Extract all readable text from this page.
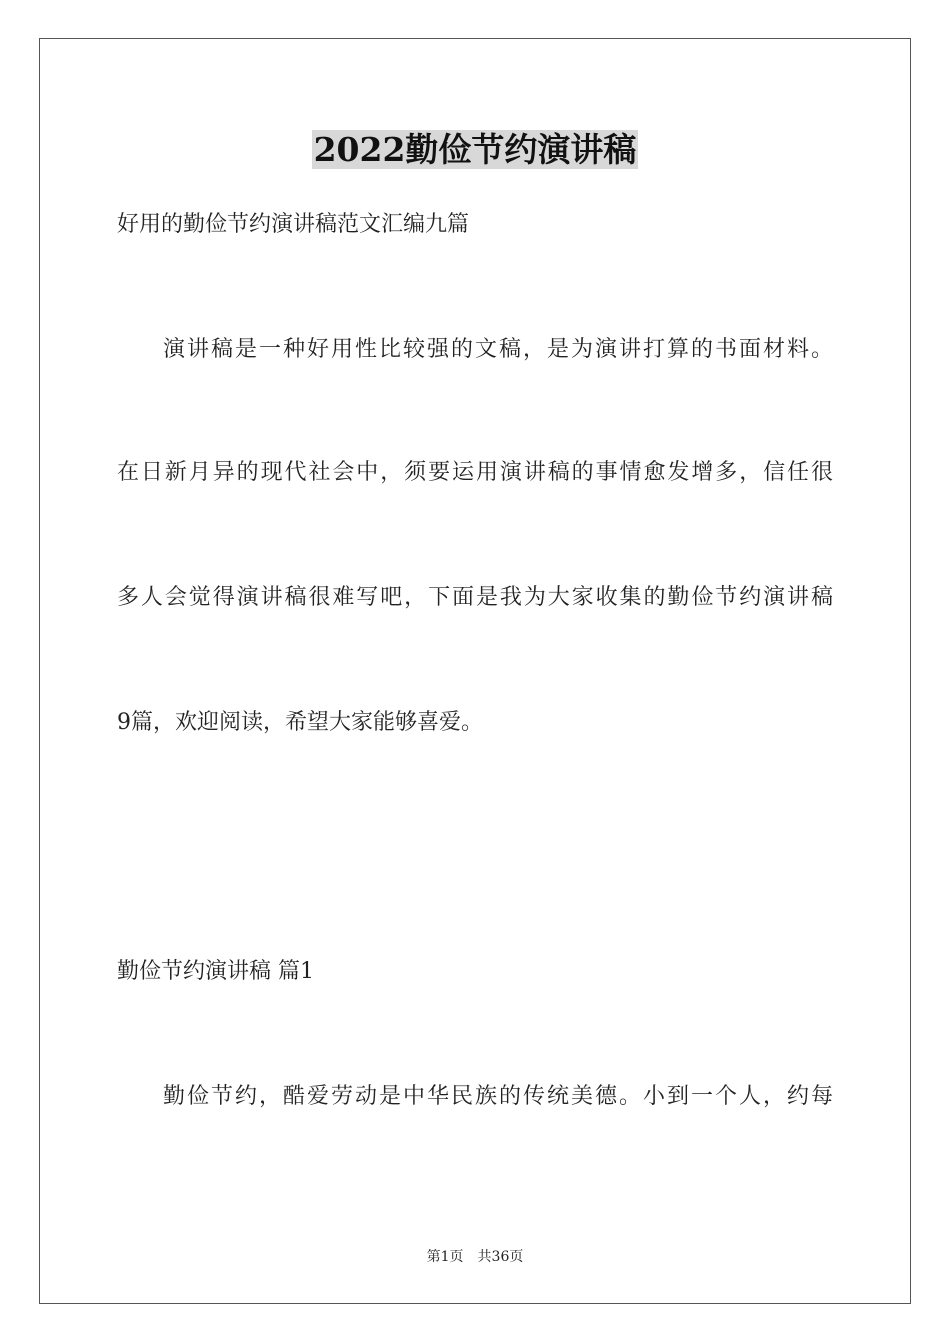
2022勤俭节约演讲稿
好用的勤俭节约演讲稿范文汇编九篇
演讲稿是一种好用性比较强的文稿，是为演讲打算的书面材料。
在日新月异的现代社会中，须要运用演讲稿的事情愈发增多，信任很
多人会觉得演讲稿很难写吧，下面是我为大家收集的勤俭节约演讲稿
9篇，欢迎阅读，希望大家能够喜爱。
勤俭节约演讲稿 篇1
勤俭节约，酷爱劳动是中华民族的传统美德。小到一个人，约每
第1页 共36页
